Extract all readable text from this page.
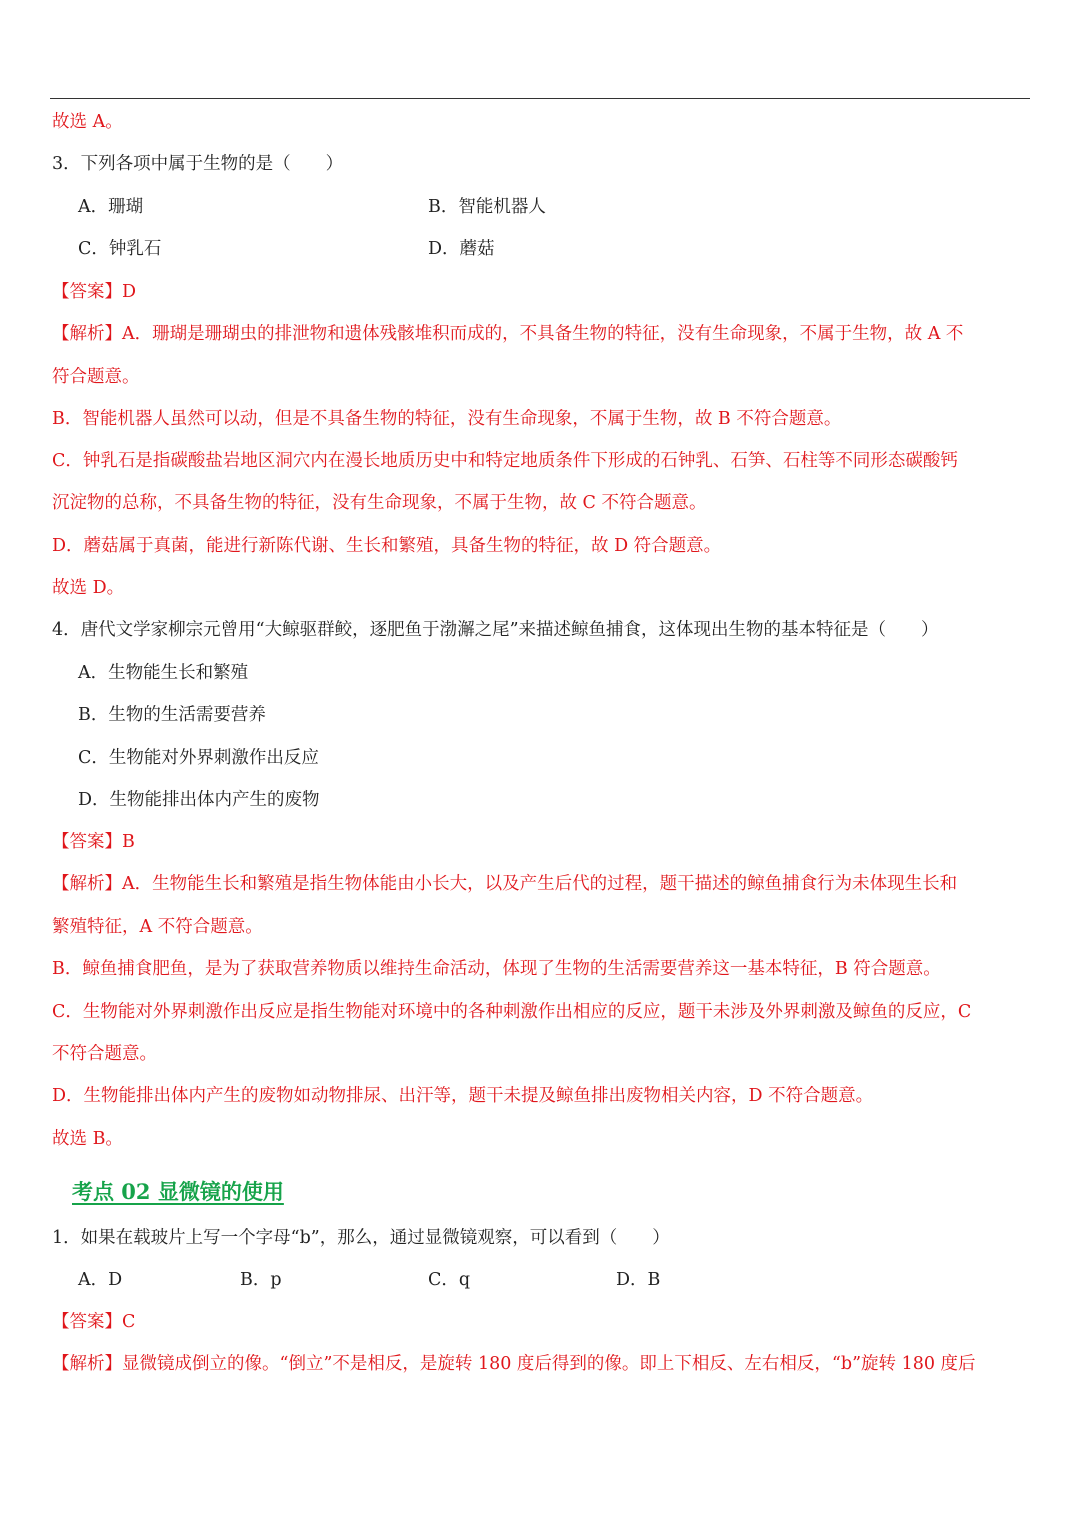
故选 A。
3．下列各项中属于生物的是（　　）
A．珊瑚	B．智能机器人
C．钟乳石	D．蘑菇
【答案】D
【解析】A．珊瑚是珊瑚虫的排泄物和遗体残骸堆积而成的，不具备生物的特征，没有生命现象，不属于生物，故 A 不
符合题意。
B．智能机器人虽然可以动，但是不具备生物的特征，没有生命现象，不属于生物，故 B 不符合题意。
C．钟乳石是指碳酸盐岩地区洞穴内在漫长地质历史中和特定地质条件下形成的石钟乳、石笋、石柱等不同形态碳酸钙
沉淀物的总称，不具备生物的特征，没有生命现象，不属于生物，故 C 不符合题意。
D．蘑菇属于真菌，能进行新陈代谢、生长和繁殖，具备生物的特征，故 D 符合题意。
故选 D。
4．唐代文学家柳宗元曾用“大鲸驱群鲛，逐肥鱼于渤澥之尾”来描述鲸鱼捕食，这体现出生物的基本特征是（　　）
A．生物能生长和繁殖
B．生物的生活需要营养
C．生物能对外界刺激作出反应
D．生物能排出体内产生的废物
【答案】B
【解析】A．生物能生长和繁殖是指生物体能由小长大，以及产生后代的过程，题干描述的鲸鱼捕食行为未体现生长和
繁殖特征，A 不符合题意。
B．鲸鱼捕食肥鱼，是为了获取营养物质以维持生命活动，体现了生物的生活需要营养这一基本特征，B 符合题意。
C．生物能对外界刺激作出反应是指生物能对环境中的各种刺激作出相应的反应，题干未涉及外界刺激及鲸鱼的反应，C
不符合题意。
D．生物能排出体内产生的废物如动物排尿、出汗等，题干未提及鲸鱼排出废物相关内容，D 不符合题意。
故选 B。
考点 02 显微镜的使用
1．如果在载玻片上写一个字母“b”，那么，通过显微镜观察，可以看到（　　）
A．D	B．p	C．q	D．B
【答案】C
【解析】显微镜成倒立的像。“倒立”不是相反，是旋转 180 度后得到的像。即上下相反、左右相反，“b”旋转 180 度后
